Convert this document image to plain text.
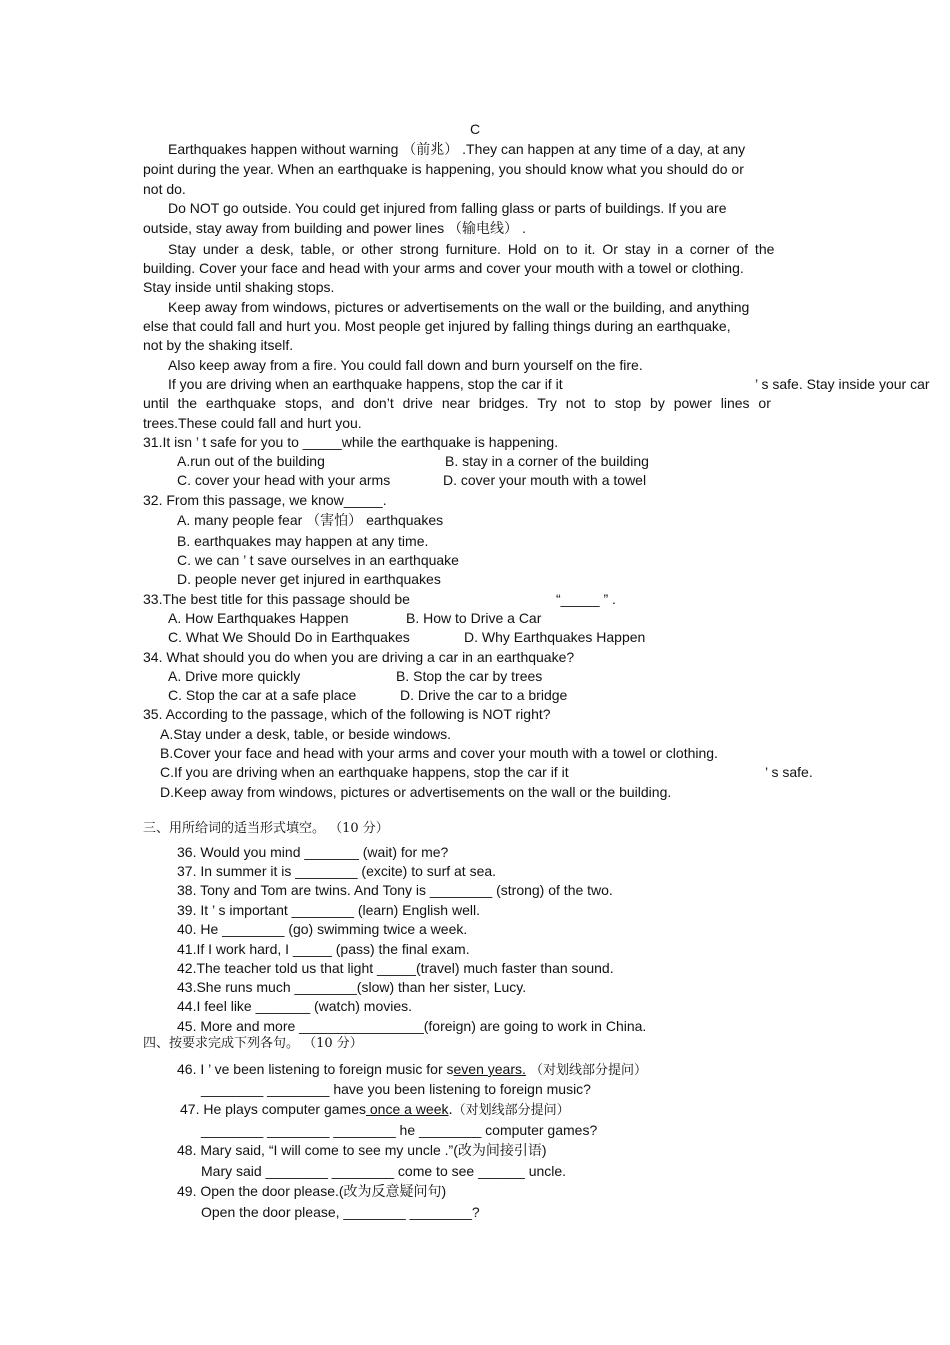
C
Earthquakes happen without warning （前兆） .They can happen at any time of a day, at any
point during the year. When an earthquake is happening, you should know what you should do or
not do.
Do NOT go outside. You could get injured from falling glass or parts of buildings. If you are
outside, stay away from building and power lines （输电线） .
Stay under a desk, table, or other strong furniture. Hold on to it. Or stay in a corner of the
building. Cover your face and head with your arms and cover your mouth with a towel or clothing.
Stay inside until shaking stops.
Keep away from windows, pictures or advertisements on the wall or the building, and anything
else that could fall and hurt you. Most people get injured by falling things during an earthquake,
not by the shaking itself.
Also keep away from a fire. You could fall down and burn yourself on the fire.
If you are driving when an earthquake happens, stop the car if it	’ s safe. Stay inside your car
until the earthquake stops, and don’t drive near bridges. Try not to stop by power lines or
trees.These could fall and hurt you.
31.It isn ’ t safe for you to _____while the earthquake is happening.
A.run out of the building	B. stay in a corner of the building
C. cover your head with your arms	D. cover your mouth with a towel
32. From this passage, we know_____.
A. many people fear （害怕） earthquakes
B. earthquakes may happen at any time.
C. we can ’ t save ourselves in an earthquake
D. people never get injured in earthquakes
33.The best title for this passage should be	“_____ ” .
A. How Earthquakes Happen	B. How to Drive a Car
C. What We Should Do in Earthquakes	D. Why Earthquakes Happen
34. What should you do when you are driving a car in an earthquake?
A. Drive more quickly	B. Stop the car by trees
C. Stop the car at a safe place	D. Drive the car to a bridge
35. According to the passage, which of the following is NOT right?
A.Stay under a desk, table, or beside windows.
B.Cover your face and head with your arms and cover your mouth with a towel or clothing.
C.If you are driving when an earthquake happens, stop the car if it	’ s safe.
D.Keep away from windows, pictures or advertisements on the wall or the building.
三、用所给词的适当形式填空。 （10 分）
36. Would you mind _______ (wait) for me?
37. In summer it is ________ (excite) to surf at sea.
38. Tony and Tom are twins. And Tony is ________ (strong) of the two.
39. It ’ s important ________ (learn) English well.
40. He ________ (go) swimming twice a week.
41.If I work hard, I _____ (pass) the final exam.
42.The teacher told us that light _____(travel) much faster than sound.
43.She runs much ________(slow) than her sister, Lucy.
44.I feel like _______ (watch) movies.
45. More and more ________________(foreign) are going to work in China.
四、按要求完成下列各句。 （10 分）
46. I ’ ve been listening to foreign music for seven years. （对划线部分提问）
________ ________ have you been listening to foreign music?
47. He plays computer games once a week.（对划线部分提问）
________ ________ ________ he ________ computer games?
48. Mary said, “I will come to see my uncle .”(改为间接引语)
Mary said ________ ________ come to see ______ uncle.
49. Open the door please.(改为反意疑问句)
Open the door please, ________ ________?
